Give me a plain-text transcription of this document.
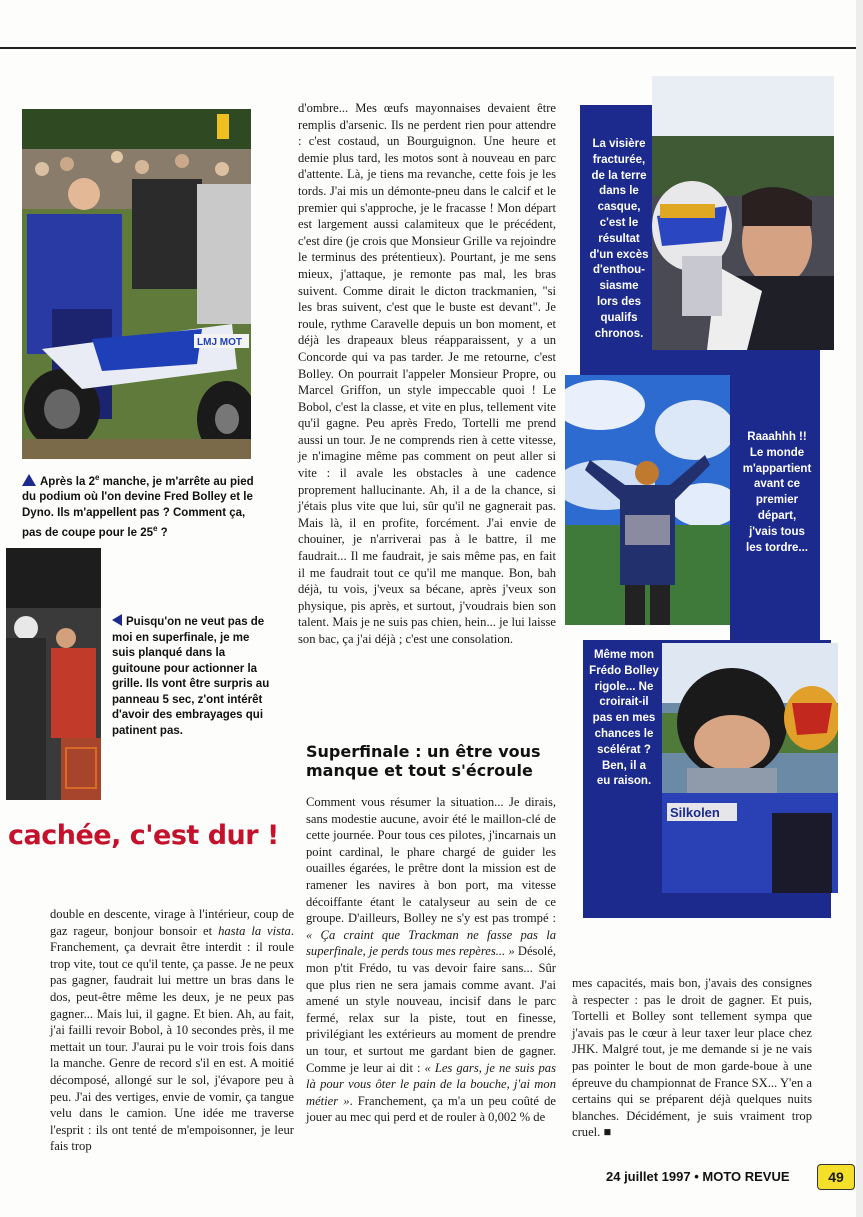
LMJ MOT

Après la 2e manche, je m'arrête au pied du podium où l'on devine Fred Bolley et le Dyno. Ils m'appellent pas ? Comment ça, pas de coupe pour le 25e ?

Puisqu'on ne veut pas de moi en superfinale, je me suis planqué dans la guitoune pour actionner la grille. Ils vont être surpris au panneau 5 sec, z'ont intérêt d'avoir des embrayages qui patinent pas.

cachée, c'est dur !

double en descente, virage à l'intérieur, coup de gaz rageur, bonjour bonsoir et hasta la vista. Franchement, ça devrait être interdit : il roule trop vite, tout ce qu'il tente, ça passe. Je ne peux pas gagner, faudrait lui mettre un bras dans le dos, peut-être même les deux, je ne peux pas gagner... Mais lui, il gagne. Et bien. Ah, au fait, j'ai failli revoir Bobol, à 10 secondes près, il me mettait un tour. J'aurai pu le voir trois fois dans la manche. Genre de record s'il en est. A moitié décomposé, allongé sur le sol, j'évapore peu à peu. J'ai des vertiges, envie de vomir, ça tangue velu dans le camion. Une idée me traverse l'esprit : ils ont tenté de m'empoisonner, je leur fais trop

d'ombre... Mes œufs mayonnaises devaient être remplis d'arsenic. Ils ne perdent rien pour attendre : c'est costaud, un Bourguignon. Une heure et demie plus tard, les motos sont à nouveau en parc d'attente. Là, je tiens ma revanche, cette fois je les tords. J'ai mis un démonte-pneu dans le calcif et le premier qui s'approche, je le fracasse ! Mon départ est largement aussi calamiteux que le précédent, c'est dire (je crois que Monsieur Grille va rejoindre le terminus des prétentieux). Pourtant, je me sens mieux, j'attaque, je remonte pas mal, les bras suivent. Comme dirait le dicton trackmanien, "si les bras suivent, c'est que le buste est devant". Je roule, rythme Caravelle depuis un bon moment, et déjà les drapeaux bleus réapparaissent, y a un Concorde qui va pas tarder. Je me retourne, c'est Bolley. On pourrait l'appeler Monsieur Propre, ou Marcel Griffon, un style impeccable quoi ! Le Bobol, c'est la classe, et vite en plus, tellement vite qu'il gagne. Peu après Fredo, Tortelli me prend aussi un tour. Je ne comprends rien à cette vitesse, je n'imagine même pas comment on peut aller si vite : il avale les obstacles à une cadence proprement hallucinante. Ah, il a de la chance, si j'étais plus vite que lui, sûr qu'il ne gagnerait pas. Mais là, il en profite, forcément. J'ai envie de chouiner, je n'arriverai pas à le battre, il me faudrait... Il me faudrait, je sais même pas, en fait il me faudrait tout ce qu'il me manque. Bon, bah déjà, tu vois, j'veux sa bécane, après j'veux son physique, pis après, et surtout, j'voudrais bien son talent. Mais je ne suis pas chien, hein... je lui laisse son bac, ça j'ai déjà ; c'est une consolation.

Superfinale : un être vous manque et tout s'écroule

Comment vous résumer la situation... Je dirais, sans modestie aucune, avoir été le maillon-clé de cette journée. Pour tous ces pilotes, j'incarnais un point cardinal, le phare chargé de guider les ouailles égarées, le prêtre dont la mission est de ramener les navires à bon port, ma vitesse décoiffante étant le catalyseur au sein de ce groupe. D'ailleurs, Bolley ne s'y est pas trompé : « Ça craint que Trackman ne fasse pas la superfinale, je perds tous mes repères... » Désolé, mon p'tit Frédo, tu vas devoir faire sans... Sûr que plus rien ne sera jamais comme avant. J'ai amené un style nouveau, incisif dans le parc fermé, relax sur la piste, tout en finesse, privilégiant les extérieurs au moment de prendre un tour, et surtout me gardant bien de gagner. Comme je leur ai dit : « Les gars, je ne suis pas là pour vous ôter le pain de la bouche, j'ai mon métier ». Franchement, ça m'a un peu coûté de jouer au mec qui perd et de rouler à 0,002 % de

La visière
fracturée,
de la terre
dans le
casque,
c'est le
résultat
d'un excès
d'enthou-
siasme
lors des
qualifs
chronos.
Raaahhh !!
Le monde
m'appartient
avant ce
premier
départ,
j'vais tous
les tordre...
Même mon
Frédo Bolley
rigole... Ne
croirait-il
pas en mes
chances le
scélérat ?
Ben, il a
eu raison.
Silkolen

mes capacités, mais bon, j'avais des consignes à respecter : pas le droit de gagner. Et puis, Tortelli et Bolley sont tellement sympa que j'avais pas le cœur à leur taxer leur place chez JHK. Malgré tout, je me demande si je ne vais pas pointer le bout de mon garde-boue à une épreuve du championnat de France SX... Y'en a certains qui se préparent déjà quelques nuits blanches. Décidément, je suis vraiment trop cruel. ■

24 juillet 1997 • MOTO REVUE	49
